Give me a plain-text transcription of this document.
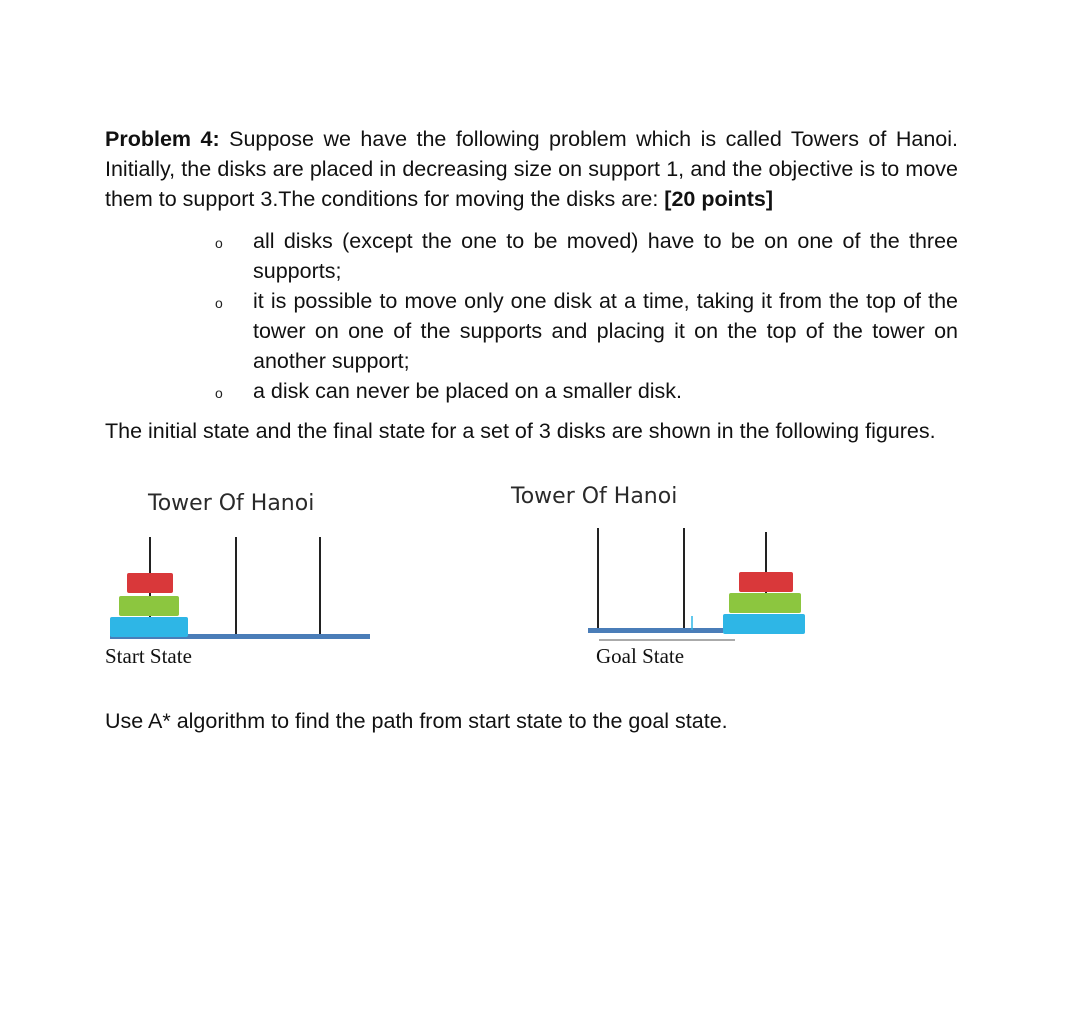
Problem 4: Suppose we have the following problem which is called Towers of Hanoi. Initially, the disks are placed in decreasing size on support 1, and the objective is to move them to support 3.The conditions for moving the disks are: [20 points]
o all disks (except the one to be moved) have to be on one of the three supports;
o it is possible to move only one disk at a time, taking it from the top of the tower on one of the supports and placing it on the top of the tower on another support;
o a disk can never be placed on a smaller disk.
The initial state and the final state for a set of 3 disks are shown in the following figures.
Tower Of Hanoi
Start State
Tower Of Hanoi
Goal State
Use A* algorithm to find the path from start state to the goal state.
